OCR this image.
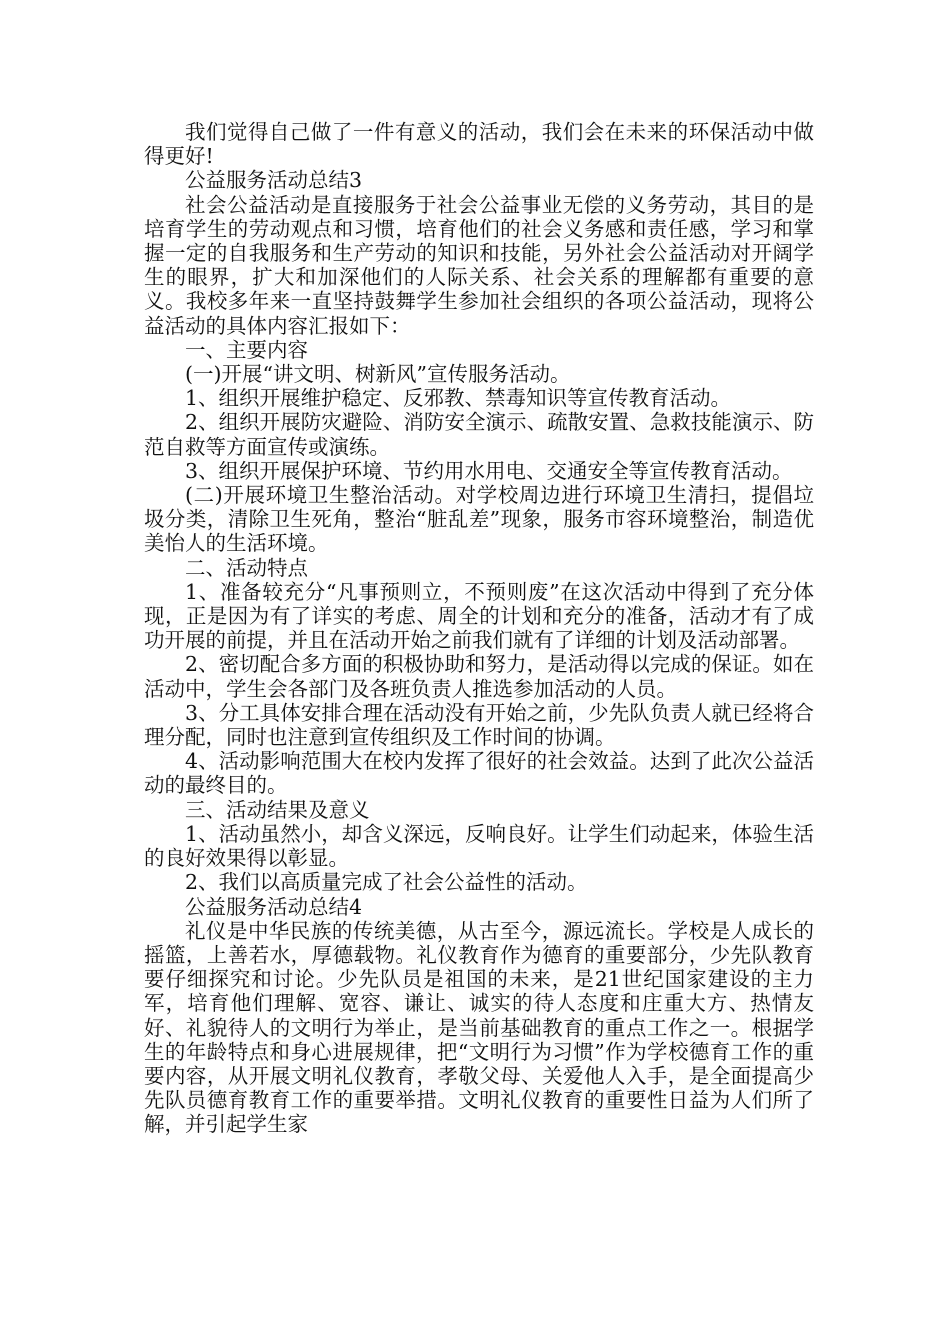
我们觉得自己做了一件有意义的活动，我们会在未来的环保活动中做得更好!

公益服务活动总结3

社会公益活动是直接服务于社会公益事业无偿的义务劳动，其目的是培育学生的劳动观点和习惯，培育他们的社会义务感和责任感，学习和掌握一定的自我服务和生产劳动的知识和技能，另外社会公益活动对开阔学生的眼界，扩大和加深他们的人际关系、社会关系的理解都有重要的意义。我校多年来一直坚持鼓舞学生参加社会组织的各项公益活动，现将公益活动的具体内容汇报如下：

一、主要内容

(一)开展“讲文明、树新风”宣传服务活动。

1、组织开展维护稳定、反邪教、禁毒知识等宣传教育活动。

2、组织开展防灾避险、消防安全演示、疏散安置、急救技能演示、防范自救等方面宣传或演练。

3、组织开展保护环境、节约用水用电、交通安全等宣传教育活动。

(二)开展环境卫生整治活动。对学校周边进行环境卫生清扫，提倡垃圾分类，清除卫生死角，整治“脏乱差”现象，服务市容环境整治，制造优美怡人的生活环境。

二、活动特点

1、准备较充分“凡事预则立，不预则废”在这次活动中得到了充分体现，正是因为有了详实的考虑、周全的计划和充分的准备，活动才有了成功开展的前提，并且在活动开始之前我们就有了详细的计划及活动部署。

2、密切配合多方面的积极协助和努力，是活动得以完成的保证。如在活动中，学生会各部门及各班负责人推选参加活动的人员。

3、分工具体安排合理在活动没有开始之前，少先队负责人就已经将合理分配，同时也注意到宣传组织及工作时间的协调。

4、活动影响范围大在校内发挥了很好的社会效益。达到了此次公益活动的最终目的。

三、活动结果及意义

1、活动虽然小，却含义深远，反响良好。让学生们动起来，体验生活的良好效果得以彰显。

2、我们以高质量完成了社会公益性的活动。

公益服务活动总结4

礼仪是中华民族的传统美德，从古至今，源远流长。学校是人成长的摇篮，上善若水，厚德载物。礼仪教育作为德育的重要部分，少先队教育要仔细探究和讨论。少先队员是祖国的未来，是21世纪国家建设的主力军，培育他们理解、宽容、谦让、诚实的待人态度和庄重大方、热情友好、礼貌待人的文明行为举止，是当前基础教育的重点工作之一。根据学生的年龄特点和身心进展规律，把“文明行为习惯”作为学校德育工作的重要内容，从开展文明礼仪教育，孝敬父母、关爱他人入手，是全面提高少先队员德育教育工作的重要举措。文明礼仪教育的重要性日益为人们所了解，并引起学生家
